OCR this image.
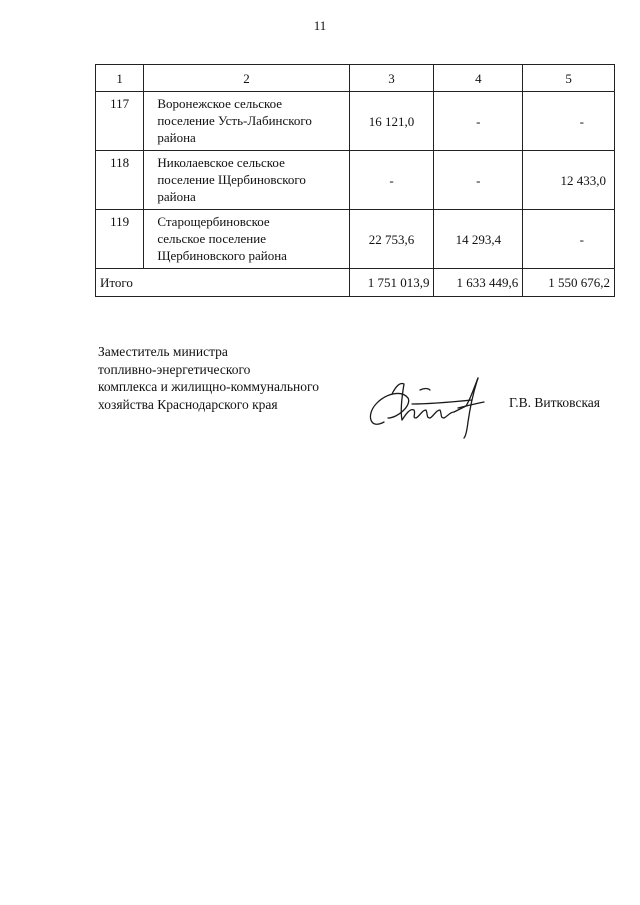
11
1	2	3	4	5
117	Воронежское сельское
поселение Усть-Лабинского
района	16 121,0	-	-
118	Николаевское сельское
поселение Щербиновского
района	-	-	12 433,0
119	Старощербиновское
сельское поселение
Щербиновского района	22 753,6	14 293,4	-
Итого		1 751 013,9	1 633 449,6	1 550 676,2
Заместитель министра
топливно-энергетического
комплекса и жилищно-коммунального
хозяйства Краснодарского края	Г.В. Витковская
